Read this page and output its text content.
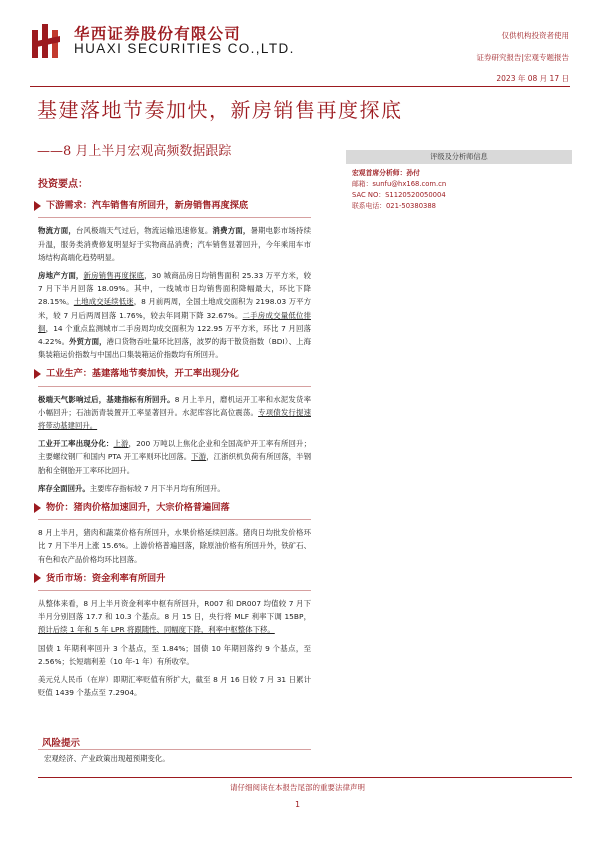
华西证券股份有限公司
HUAXI SECURITIES CO.,LTD.
仅供机构投资者使用
证券研究报告|宏观专题报告
2023 年 08 月 17 日
基建落地节奏加快，新房销售再度探底
——8 月上半月宏观高频数据跟踪	评级及分析师信息
宏观首席分析师：孙付
邮箱：sunfu@hx168.com.cn
SAC NO：S1120520050004
联系电话：021-50380388
投资要点：
下游需求：汽车销售有所回升，新房销售再度探底

物流方面，台风极端天气过后，物流运输迅速修复。消费方面，暑期电影市场持续升温，服务类消费修复明显好于实物商品消费；汽车销售显著回升，今年乘用车市场结构高端化趋势明显。

房地产方面，新房销售再度探底，30 城商品房日均销售面积 25.33 万平方米，较 7 月下半月回落 18.09%。其中，一线城市日均销售面积降幅最大，环比下降 28.15%。土地成交延续低迷，8 月前两周，全国土地成交面积为 2198.03 万平方米，较 7 月后两周回落 1.76%，较去年同期下降 32.67%。二手房成交量低位徘徊，14 个重点监测城市二手房周均成交面积为 122.95 万平方米，环比 7 月回落 4.22%。外贸方面，港口货物吞吐量环比回落，波罗的海干散货指数（BDI）、上海集装箱运价指数与中国出口集装箱运价指数均有所回升。

工业生产：基建落地节奏加快，开工率出现分化

极端天气影响过后，基建指标有所回升。8 月上半月，磨机运开工率和水泥发货率小幅回升；石油沥青装置开工率显著回升。水泥库容比高位震荡。专项债发行提速将带动基建回升。

工业开工率出现分化：上游，200 万吨以上焦化企业和全国高炉开工率有所回升；主要螺纹钢厂和国内 PTA 开工率则环比回落。下游，江浙织机负荷有所回落，半钢胎和全钢胎开工率环比回升。

库存全面回升。主要库存指标较 7 月下半月均有所回升。

物价：猪肉价格加速回升，大宗价格普遍回落

8 月上半月，猪肉和蔬菜价格有所回升，水果价格延续回落。猪肉日均批发价格环比 7 月下半月上涨 15.6%。上游价格普遍回落，除原油价格有所回升外，铁矿石、有色和农产品价格均环比回落。

货币市场：资金利率有所回升

从整体来看，8 月上半月资金利率中枢有所回升，R007 和 DR007 均值较 7 月下半月分别回落 17.7 和 10.3 个基点。8 月 15 日，央行将 MLF 利率下调 15BP，预计后续 1 年和 5 年 LPR 将跟随性、同幅度下降，利率中枢整体下移。

国债 1 年期利率回升 3 个基点，至 1.84%；国债 10 年期回落约 9 个基点，至 2.56%；长短端利差（10 年-1 年）有所收窄。

美元兑人民币（在岸）即期汇率贬值有所扩大，截至 8 月 16 日较 7 月 31 日累计贬值 1439 个基点至 7.2904。

风险提示
宏观经济、产业政策出现超预期变化。
请仔细阅读在本报告尾部的重要法律声明
1
